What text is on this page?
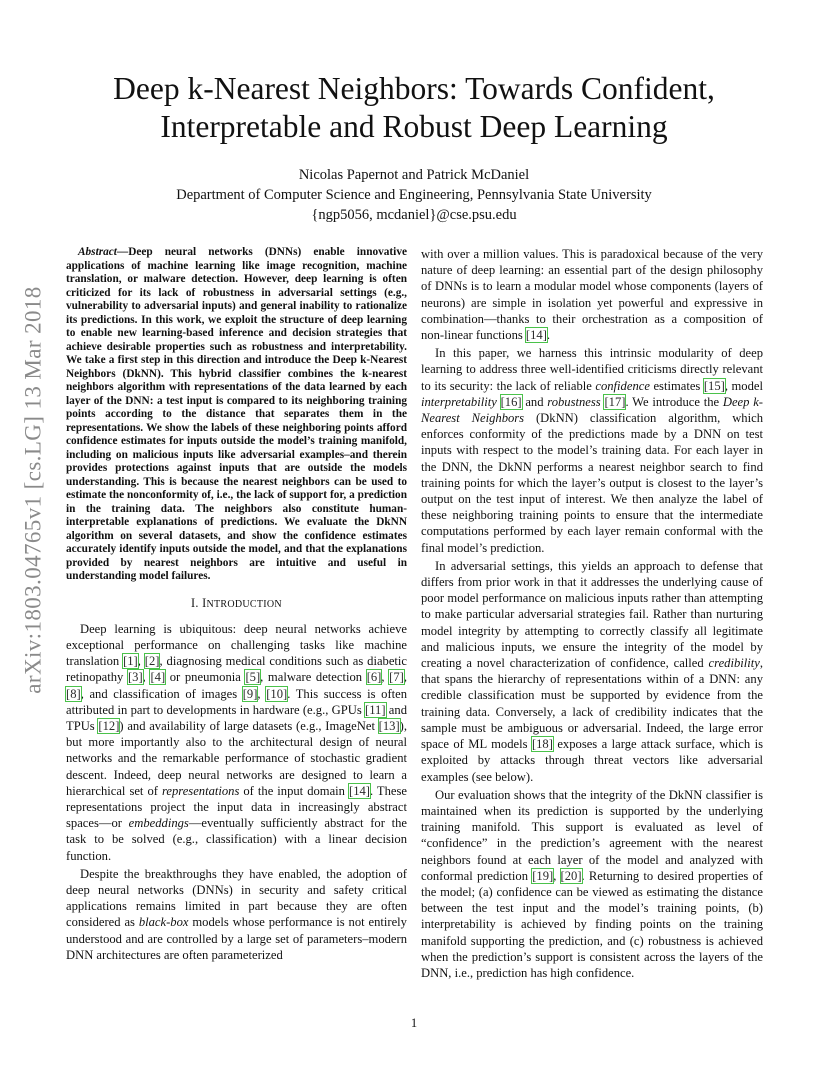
arXiv:1803.04765v1 [cs.LG] 13 Mar 2018
Deep k-Nearest Neighbors: Towards Confident,
Interpretable and Robust Deep Learning
Nicolas Papernot and Patrick McDaniel
Department of Computer Science and Engineering, Pennsylvania State University
{ngp5056, mcdaniel}@cse.psu.edu

Abstract—Deep neural networks (DNNs) enable innovative applications of machine learning like image recognition, machine translation, or malware detection. However, deep learning is often criticized for its lack of robustness in adversarial settings (e.g., vulnerability to adversarial inputs) and general inability to rationalize its predictions. In this work, we exploit the structure of deep learning to enable new learning-based inference and decision strategies that achieve desirable properties such as robustness and interpretability. We take a first step in this direction and introduce the Deep k-Nearest Neighbors (DkNN). This hybrid classifier combines the k-nearest neighbors algorithm with representations of the data learned by each layer of the DNN: a test input is compared to its neighboring training points according to the distance that separates them in the representations. We show the labels of these neighboring points afford confidence estimates for inputs outside the model’s training manifold, including on malicious inputs like adversarial examples–and therein provides protections against inputs that are outside the models understanding. This is because the nearest neighbors can be used to estimate the nonconformity of, i.e., the lack of support for, a prediction in the training data. The neighbors also constitute human-interpretable explanations of predictions. We evaluate the DkNN algorithm on several datasets, and show the confidence estimates accurately identify inputs outside the model, and that the explanations provided by nearest neighbors are intuitive and useful in understanding model failures.

I. INTRODUCTION

Deep learning is ubiquitous: deep neural networks achieve exceptional performance on challenging tasks like machine translation [1], [2], diagnosing medical conditions such as diabetic retinopathy [3], [4] or pneumonia [5], malware detection [6], [7], [8], and classification of images [9], [10]. This success is often attributed in part to developments in hardware (e.g., GPUs [11] and TPUs [12]) and availability of large datasets (e.g., ImageNet [13]), but more importantly also to the architectural design of neural networks and the remarkable performance of stochastic gradient descent. Indeed, deep neural networks are designed to learn a hierarchical set of representations of the input domain [14]. These representations project the input data in increasingly abstract spaces—or embeddings—eventually sufficiently abstract for the task to be solved (e.g., classification) with a linear decision function.

Despite the breakthroughs they have enabled, the adoption of deep neural networks (DNNs) in security and safety critical applications remains limited in part because they are often considered as black-box models whose performance is not entirely understood and are controlled by a large set of parameters–modern DNN architectures are often parameterized

with over a million values. This is paradoxical because of the very nature of deep learning: an essential part of the design philosophy of DNNs is to learn a modular model whose components (layers of neurons) are simple in isolation yet powerful and expressive in combination—thanks to their orchestration as a composition of non-linear functions [14].

In this paper, we harness this intrinsic modularity of deep learning to address three well-identified criticisms directly relevant to its security: the lack of reliable confidence estimates [15], model interpretability [16] and robustness [17]. We introduce the Deep k-Nearest Neighbors (DkNN) classification algorithm, which enforces conformity of the predictions made by a DNN on test inputs with respect to the model’s training data. For each layer in the DNN, the DkNN performs a nearest neighbor search to find training points for which the layer’s output is closest to the layer’s output on the test input of interest. We then analyze the label of these neighboring training points to ensure that the intermediate computations performed by each layer remain conformal with the final model’s prediction.

In adversarial settings, this yields an approach to defense that differs from prior work in that it addresses the underlying cause of poor model performance on malicious inputs rather than attempting to make particular adversarial strategies fail. Rather than nurturing model integrity by attempting to correctly classify all legitimate and malicious inputs, we ensure the integrity of the model by creating a novel characterization of confidence, called credibility, that spans the hierarchy of representations within of a DNN: any credible classification must be supported by evidence from the training data. Conversely, a lack of credibility indicates that the sample must be ambiguous or adversarial. Indeed, the large error space of ML models [18] exposes a large attack surface, which is exploited by attacks through threat vectors like adversarial examples (see below).

Our evaluation shows that the integrity of the DkNN classifier is maintained when its prediction is supported by the underlying training manifold. This support is evaluated as level of “confidence” in the prediction’s agreement with the nearest neighbors found at each layer of the model and analyzed with conformal prediction [19], [20]. Returning to desired properties of the model; (a) confidence can be viewed as estimating the distance between the test input and the model’s training points, (b) interpretability is achieved by finding points on the training manifold supporting the prediction, and (c) robustness is achieved when the prediction’s support is consistent across the layers of the DNN, i.e., prediction has high confidence.

1
